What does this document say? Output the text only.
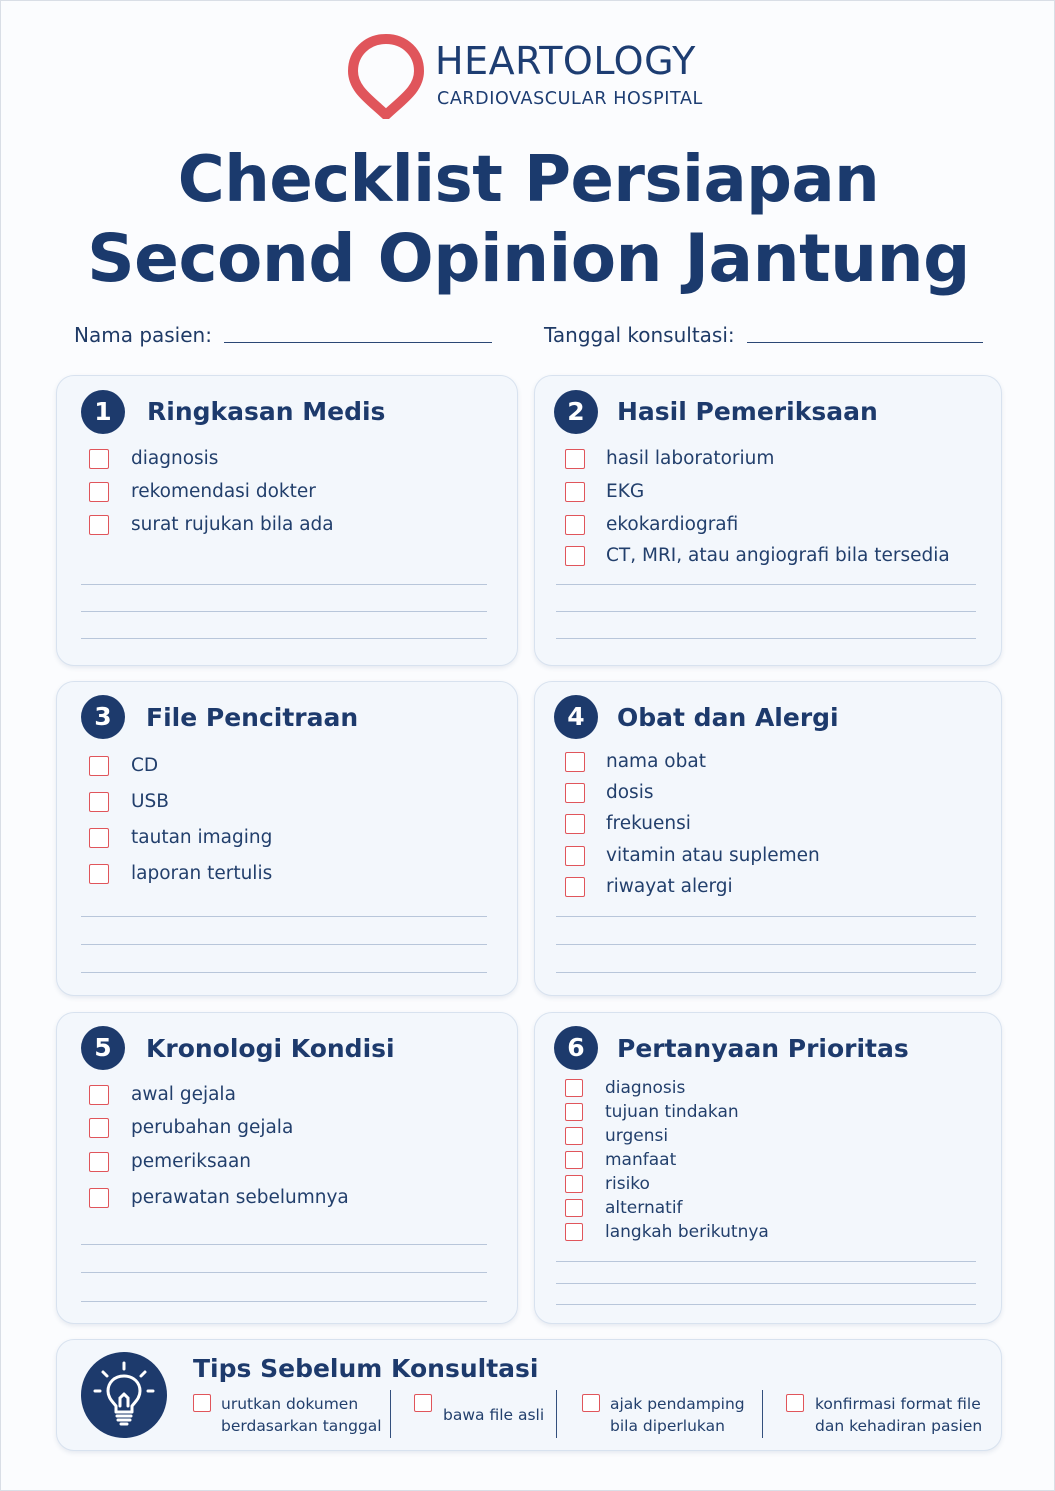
HEARTOLOGY
CARDIOVASCULAR HOSPITAL
Checklist Persiapan
Second Opinion Jantung
Nama pasien:	Tanggal konsultasi:
1	Ringkasan Medis
diagnosis
rekomendasi dokter
surat rujukan bila ada
2	Hasil Pemeriksaan
hasil laboratorium
EKG
ekokardiografi
CT, MRI, atau angiografi bila tersedia
3	File Pencitraan
CD
USB
tautan imaging
laporan tertulis
4	Obat dan Alergi
nama obat
dosis
frekuensi
vitamin atau suplemen
riwayat alergi
5	Kronologi Kondisi
awal gejala
perubahan gejala
pemeriksaan
perawatan sebelumnya
6	Pertanyaan Prioritas
diagnosis
tujuan tindakan
urgensi
manfaat
risiko
alternatif
langkah berikutnya
Tips Sebelum Konsultasi
urutkan dokumen
berdasarkan tanggal
bawa file asli
ajak pendamping
bila diperlukan
konfirmasi format file
dan kehadiran pasien
